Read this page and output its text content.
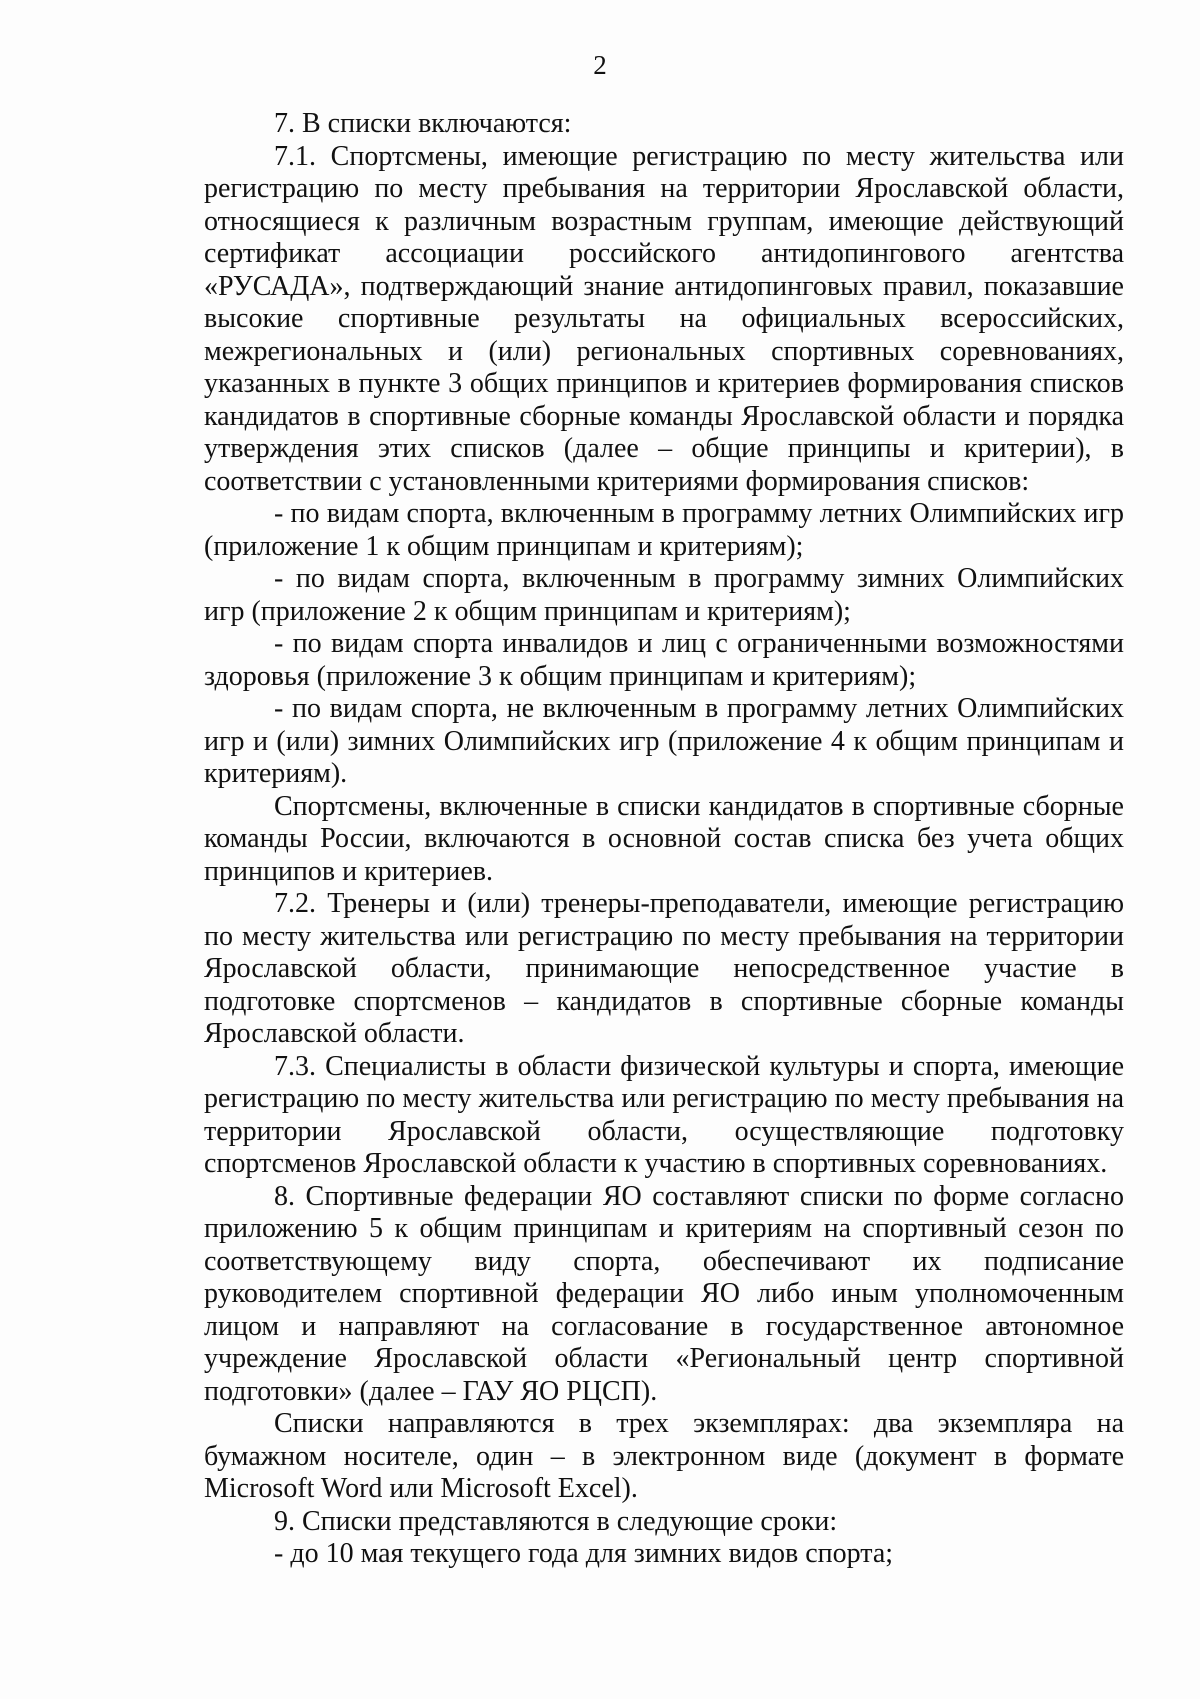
2

7. В списки включаются:

7.1. Спортсмены, имеющие регистрацию по месту жительства или регистрацию по месту пребывания на территории Ярославской области, относящиеся к различным возрастным группам, имеющие действующий сертификат ассоциации российского антидопингового агентства «РУСАДА», подтверждающий знание антидопинговых правил, показавшие высокие спортивные результаты на официальных всероссийских, межрегиональных и (или) региональных спортивных соревнованиях, указанных в пункте 3 общих принципов и критериев формирования списков кандидатов в спортивные сборные команды Ярославской области и порядка утверждения этих списков (далее – общие принципы и критерии), в соответствии с установленными критериями формирования списков:

- по видам спорта, включенным в программу летних Олимпийских игр (приложение 1 к общим принципам и критериям);

- по видам спорта, включенным в программу зимних Олимпийских игр (приложение 2 к общим принципам и критериям);

- по видам спорта инвалидов и лиц с ограниченными возможностями здоровья (приложение 3 к общим принципам и критериям);

- по видам спорта, не включенным в программу летних Олимпийских игр и (или) зимних Олимпийских игр (приложение 4 к общим принципам и критериям).

Спортсмены, включенные в списки кандидатов в спортивные сборные команды России, включаются в основной состав списка без учета общих принципов и критериев.

7.2. Тренеры и (или) тренеры-преподаватели, имеющие регистрацию по месту жительства или регистрацию по месту пребывания на территории Ярославской области, принимающие непосредственное участие в подготовке спортсменов – кандидатов в спортивные сборные команды Ярославской области.

7.3. Специалисты в области физической культуры и спорта, имеющие регистрацию по месту жительства или регистрацию по месту пребывания на территории Ярославской области, осуществляющие подготовку спортсменов Ярославской области к участию в спортивных соревнованиях.

8. Спортивные федерации ЯО составляют списки по форме согласно приложению 5 к общим принципам и критериям на спортивный сезон по соответствующему виду спорта, обеспечивают их подписание руководителем спортивной федерации ЯО либо иным уполномоченным лицом и направляют на согласование в государственное автономное учреждение Ярославской области «Региональный центр спортивной подготовки» (далее – ГАУ ЯО РЦСП).

Списки направляются в трех экземплярах: два экземпляра на бумажном носителе, один – в электронном виде (документ в формате Microsoft Word или Microsoft Excel).

9. Списки представляются в следующие сроки:

- до 10 мая текущего года для зимних видов спорта;
